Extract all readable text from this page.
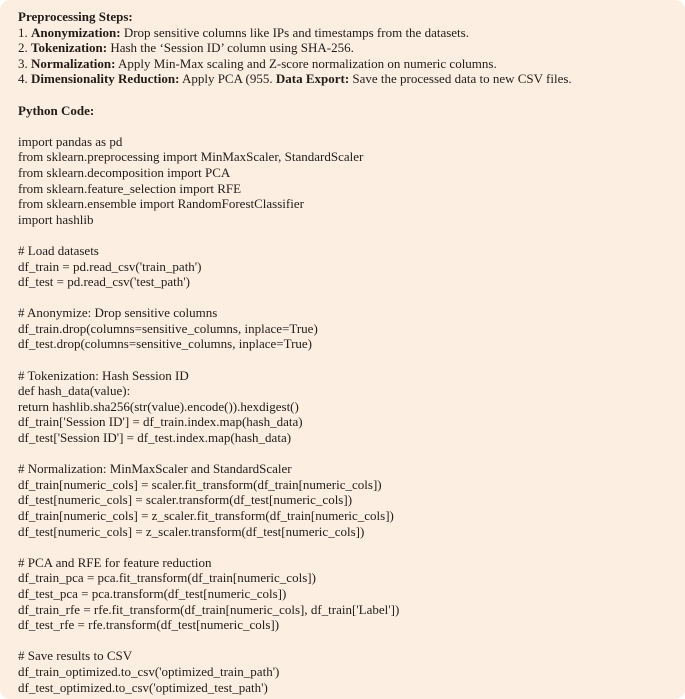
Preprocessing Steps:
1. Anonymization: Drop sensitive columns like IPs and timestamps from the datasets.
2. Tokenization: Hash the ‘Session ID’ column using SHA-256.
3. Normalization: Apply Min-Max scaling and Z-score normalization on numeric columns.
4. Dimensionality Reduction: Apply PCA (955. Data Export: Save the processed data to new CSV files.
Python Code:
import pandas as pd
from sklearn.preprocessing import MinMaxScaler, StandardScaler
from sklearn.decomposition import PCA
from sklearn.feature_selection import RFE
from sklearn.ensemble import RandomForestClassifier
import hashlib

# Load datasets
df_train = pd.read_csv('train_path')
df_test = pd.read_csv('test_path')

# Anonymize: Drop sensitive columns
df_train.drop(columns=sensitive_columns, inplace=True)
df_test.drop(columns=sensitive_columns, inplace=True)

# Tokenization: Hash Session ID
def hash_data(value):
return hashlib.sha256(str(value).encode()).hexdigest()
df_train['Session ID'] = df_train.index.map(hash_data)
df_test['Session ID'] = df_test.index.map(hash_data)

# Normalization: MinMaxScaler and StandardScaler
df_train[numeric_cols] = scaler.fit_transform(df_train[numeric_cols])
df_test[numeric_cols] = scaler.transform(df_test[numeric_cols])
df_train[numeric_cols] = z_scaler.fit_transform(df_train[numeric_cols])
df_test[numeric_cols] = z_scaler.transform(df_test[numeric_cols])

# PCA and RFE for feature reduction
df_train_pca = pca.fit_transform(df_train[numeric_cols])
df_test_pca = pca.transform(df_test[numeric_cols])
df_train_rfe = rfe.fit_transform(df_train[numeric_cols], df_train['Label'])
df_test_rfe = rfe.transform(df_test[numeric_cols])

# Save results to CSV
df_train_optimized.to_csv('optimized_train_path')
df_test_optimized.to_csv('optimized_test_path')
